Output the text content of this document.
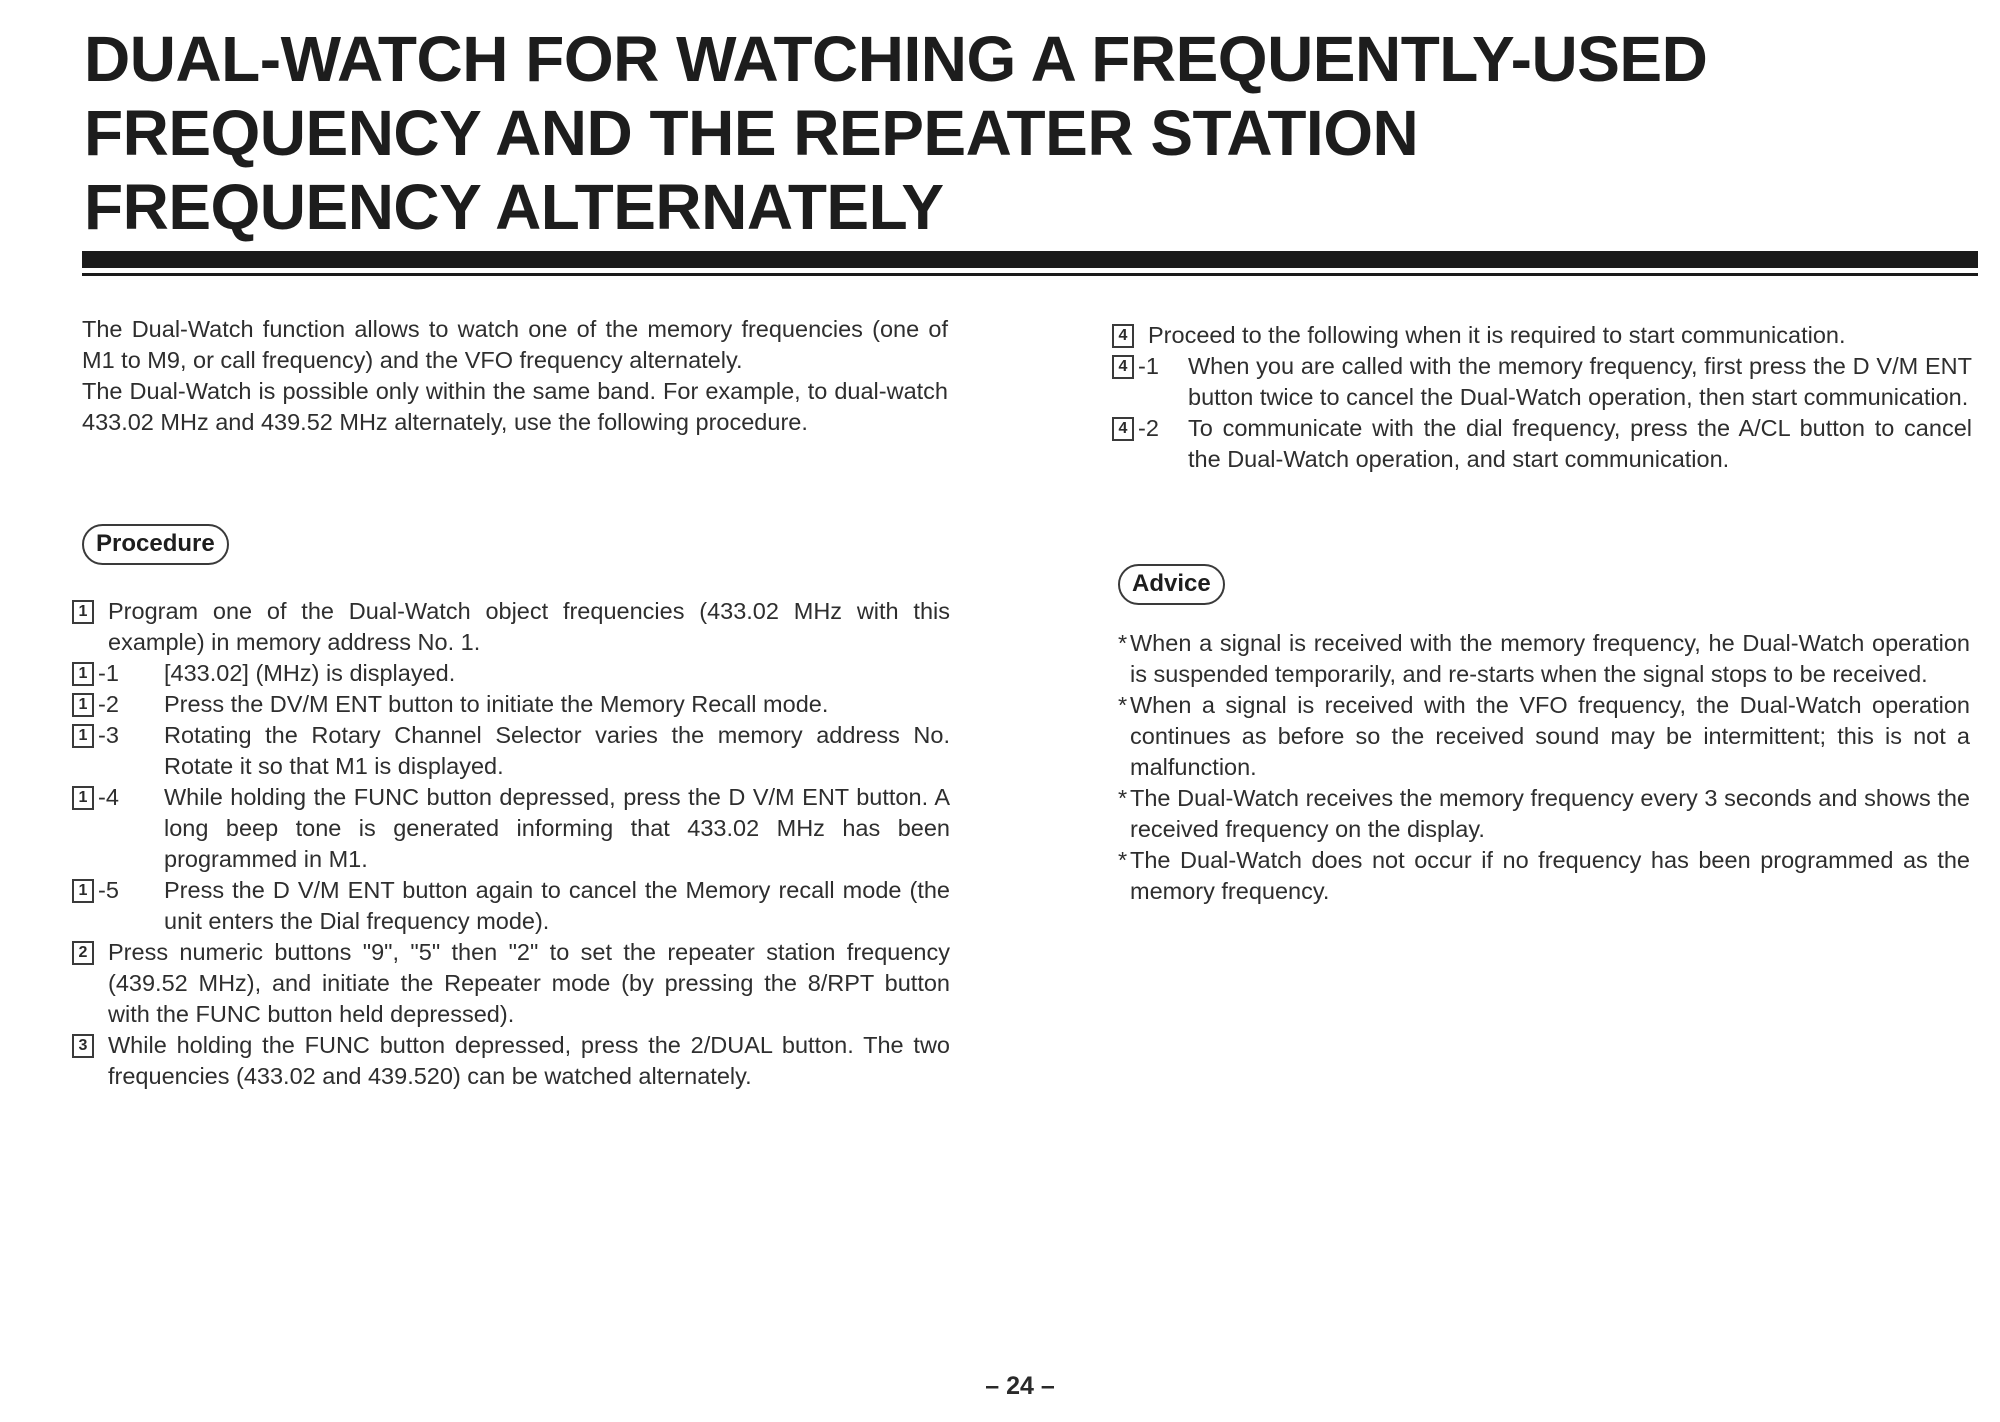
DUAL-WATCH FOR WATCHING A FREQUENTLY-USED
FREQUENCY AND THE REPEATER STATION
FREQUENCY ALTERNATELY

The Dual-Watch function allows to watch one of the memory frequencies (one of M1 to M9, or call frequency) and the VFO frequency alternately.

The Dual-Watch is possible only within the same band. For example, to dual-watch 433.02 MHz and 439.52 MHz alternately, use the following procedure.

Procedure
1 Program one of the Dual-Watch object frequencies (433.02 MHz with this example) in memory address No. 1.
1 -1 [433.02] (MHz) is displayed.
1 -2 Press the DV/M ENT button to initiate the Memory Recall mode.
1 -3 Rotating the Rotary Channel Selector varies the memory address No. Rotate it so that M1 is displayed.
1 -4 While holding the FUNC button depressed, press the D V/M ENT button. A long beep tone is generated informing that 433.02 MHz has been programmed in M1.
1 -5 Press the D V/M ENT button again to cancel the Memory recall mode (the unit enters the Dial frequency mode).
2 Press numeric buttons "9", "5" then "2" to set the repeater station frequency (439.52 MHz), and initiate the Repeater mode (by pressing the 8/RPT button with the FUNC button held depressed).
3 While holding the FUNC button depressed, press the 2/DUAL button. The two frequencies (433.02 and 439.520) can be watched alternately.
4 Proceed to the following when it is required to start communication.
4 -1 When you are called with the memory frequency, first press the D V/M ENT button twice to cancel the Dual-Watch operation, then start communication.
4 -2 To communicate with the dial frequency, press the A/CL button to cancel the Dual-Watch operation, and start communication.
Advice
* When a signal is received with the memory frequency, he Dual-Watch operation is suspended temporarily, and re-starts when the signal stops to be received.
* When a signal is received with the VFO frequency, the Dual-Watch operation continues as before so the received sound may be intermittent; this is not a malfunction.
* The Dual-Watch receives the memory frequency every 3 seconds and shows the received frequency on the display.
* The Dual-Watch does not occur if no frequency has been programmed as the memory frequency.
– 24 –
